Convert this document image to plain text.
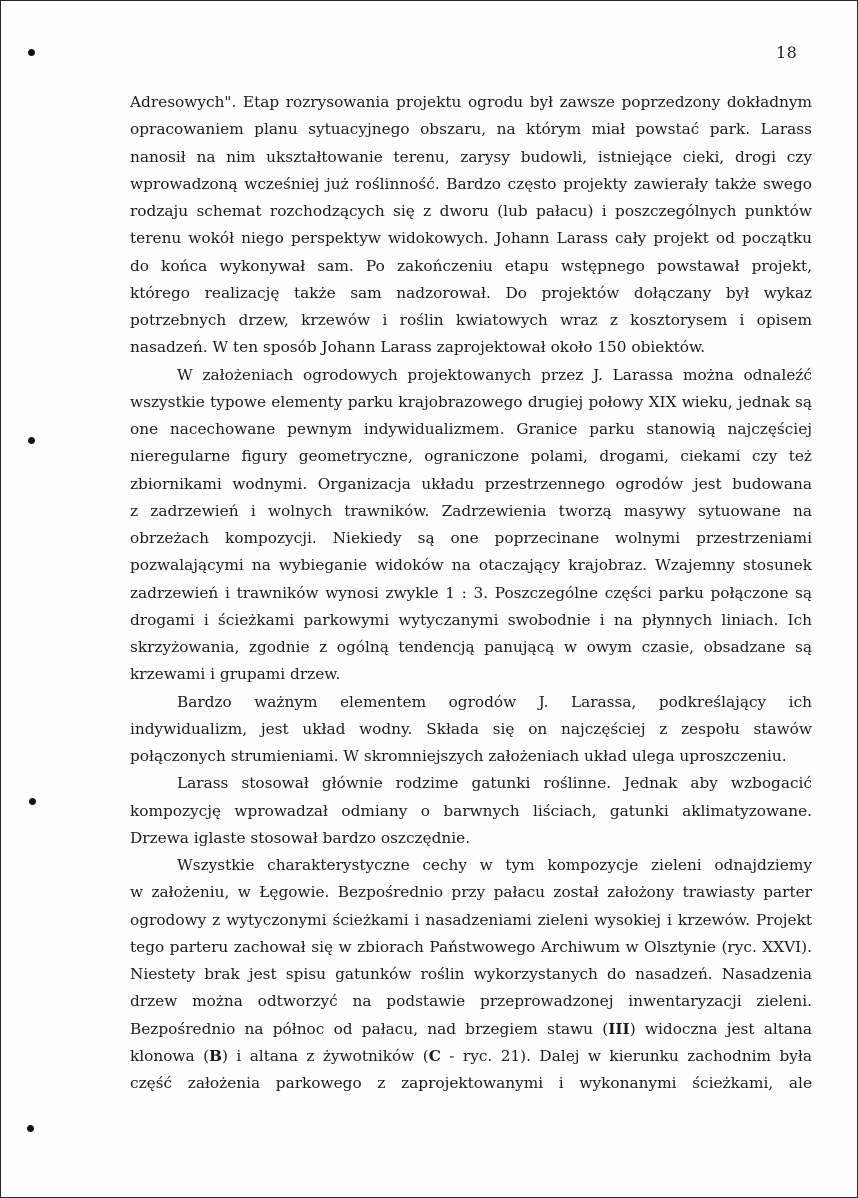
18
Adresowych". Etap rozrysowania projektu ogrodu był zawsze poprzedzony dokładnym
opracowaniem planu sytuacyjnego obszaru, na którym miał powstać park. Larass
nanosił na nim ukształtowanie terenu, zarysy budowli, istniejące cieki, drogi czy
wprowadzoną wcześniej już roślinność. Bardzo często projekty zawierały także swego
rodzaju schemat rozchodzących się z dworu (lub pałacu) i poszczególnych punktów
terenu wokół niego perspektyw widokowych. Johann Larass cały projekt od początku
do końca wykonywał sam. Po zakończeniu etapu wstępnego powstawał projekt,
którego realizację także sam nadzorował. Do projektów dołączany był wykaz
potrzebnych drzew, krzewów i roślin kwiatowych wraz z kosztorysem i opisem
nasadzeń. W ten sposób Johann Larass zaprojektował około 150 obiektów.
W założeniach ogrodowych projektowanych przez J. Larassa można odnaleźć
wszystkie typowe elementy parku krajobrazowego drugiej połowy XIX wieku, jednak są
one nacechowane pewnym indywidualizmem. Granice parku stanowią najczęściej
nieregularne figury geometryczne, ograniczone polami, drogami, ciekami czy też
zbiornikami wodnymi. Organizacja układu przestrzennego ogrodów jest budowana
z zadrzewień i wolnych trawników. Zadrzewienia tworzą masywy sytuowane na
obrzeżach kompozycji. Niekiedy są one poprzecinane wolnymi przestrzeniami
pozwalającymi na wybieganie widoków na otaczający krajobraz. Wzajemny stosunek
zadrzewień i trawników wynosi zwykle 1 : 3. Poszczególne części parku połączone są
drogami i ścieżkami parkowymi wytyczanymi swobodnie i na płynnych liniach. Ich
skrzyżowania, zgodnie z ogólną tendencją panującą w owym czasie, obsadzane są
krzewami i grupami drzew.
Bardzo ważnym elementem ogrodów J. Larassa, podkreślający ich
indywidualizm, jest układ wodny. Składa się on najczęściej z zespołu stawów
połączonych strumieniami. W skromniejszych założeniach układ ulega uproszczeniu.
Larass stosował głównie rodzime gatunki roślinne. Jednak aby wzbogacić
kompozycję wprowadzał odmiany o barwnych liściach, gatunki aklimatyzowane.
Drzewa iglaste stosował bardzo oszczędnie.
Wszystkie charakterystyczne cechy w tym kompozycje zieleni odnajdziemy
w założeniu, w Łęgowie. Bezpośrednio przy pałacu został założony trawiasty parter
ogrodowy z wytyczonymi ścieżkami i nasadzeniami zieleni wysokiej i krzewów. Projekt
tego parteru zachował się w zbiorach Państwowego Archiwum w Olsztynie (ryc. XXVI).
Niestety brak jest spisu gatunków roślin wykorzystanych do nasadzeń. Nasadzenia
drzew można odtworzyć na podstawie przeprowadzonej inwentaryzacji zieleni.
Bezpośrednio na północ od pałacu, nad brzegiem stawu (III) widoczna jest altana
klonowa (B) i altana z żywotników (C - ryc. 21). Dalej w kierunku zachodnim była
część założenia parkowego z zaprojektowanymi i wykonanymi ścieżkami, ale
